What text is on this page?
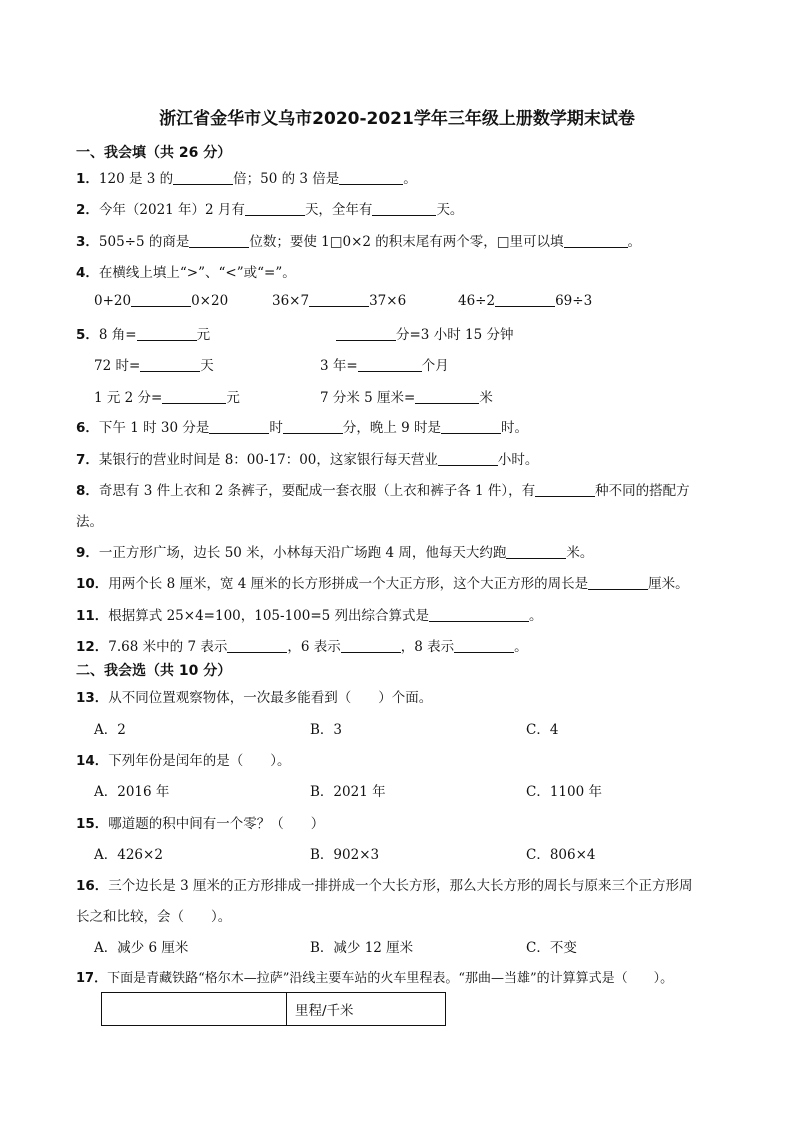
浙江省金华市义乌市2020-2021学年三年级上册数学期末试卷
一、我会填（共 26 分）
1．120 是 3 的	倍；50 的 3 倍是	。
2．今年（2021 年）2 月有	天，全年有	天。
3．505÷5 的商是	位数；要使 1□0×2 的积末尾有两个零，□里可以填	。
4．在横线上填上“>”、“<”或“=”。
0+20	0×20	36×7	37×6	46÷2	69÷3
5．8 角=	元	分=3 小时 15 分钟
72 时=	天	3 年=	个月
1 元 2 分=	元	7 分米 5 厘米=	米
6．下午 1 时 30 分是	时	分，晚上 9 时是	时。
7．某银行的营业时间是 8：00-17：00，这家银行每天营业	小时。
8．奇思有 3 件上衣和 2 条裤子，要配成一套衣服（上衣和裤子各 1 件），有	种不同的搭配方
法。
9．一正方形广场，边长 50 米，小林每天沿广场跑 4 周，他每天大约跑	米。
10．用两个长 8 厘米，宽 4 厘米的长方形拼成一个大正方形，这个大正方形的周长是	厘米。
11．根据算式 25×4=100，105-100=5 列出综合算式是	。
12．7.68 米中的 7 表示	，6 表示	，8 表示	。
二、我会选（共 10 分）
13．从不同位置观察物体，一次最多能看到（　　）个面。
A．2	B．3	C．4
14．下列年份是闰年的是（　　）。
A．2016 年	B．2021 年	C．1100 年
15．哪道题的积中间有一个零？（　　）
A．426×2	B．902×3	C．806×4
16．三个边长是 3 厘米的正方形排成一排拼成一个大长方形，那么大长方形的周长与原来三个正方形周
长之和比较，会（　　）。
A．减少 6 厘米	B．减少 12 厘米	C．不变
17．下面是青藏铁路“格尔木—拉萨”沿线主要车站的火车里程表。“那曲—当雄”的计算算式是（　　）。
	里程/千米
